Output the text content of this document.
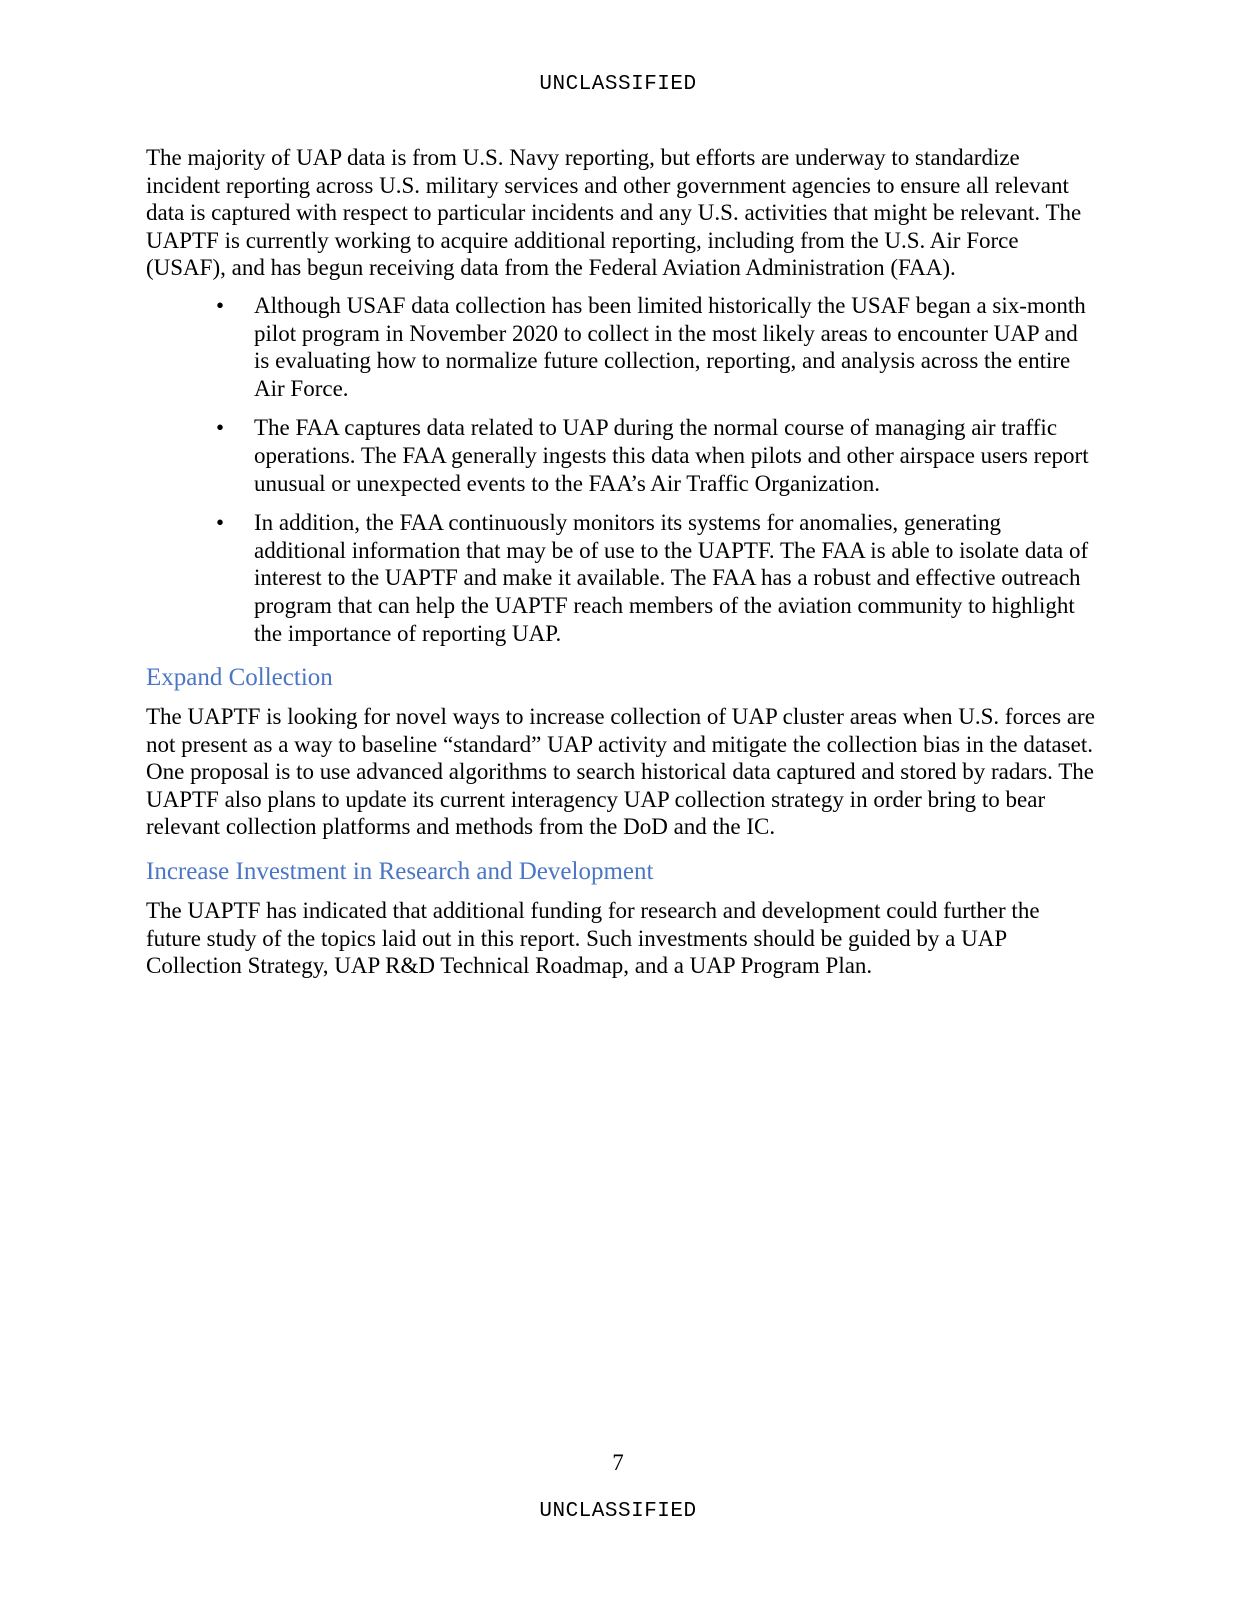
UNCLASSIFIED

The majority of UAP data is from U.S. Navy reporting, but efforts are underway to standardize incident reporting across U.S. military services and other government agencies to ensure all relevant data is captured with respect to particular incidents and any U.S. activities that might be relevant. The UAPTF is currently working to acquire additional reporting, including from the U.S. Air Force (USAF), and has begun receiving data from the Federal Aviation Administration (FAA).

• Although USAF data collection has been limited historically the USAF began a six-month pilot program in November 2020 to collect in the most likely areas to encounter UAP and is evaluating how to normalize future collection, reporting, and analysis across the entire Air Force.
• The FAA captures data related to UAP during the normal course of managing air traffic operations. The FAA generally ingests this data when pilots and other airspace users report unusual or unexpected events to the FAA’s Air Traffic Organization.
• In addition, the FAA continuously monitors its systems for anomalies, generating additional information that may be of use to the UAPTF. The FAA is able to isolate data of interest to the UAPTF and make it available. The FAA has a robust and effective outreach program that can help the UAPTF reach members of the aviation community to highlight the importance of reporting UAP.
Expand Collection

The UAPTF is looking for novel ways to increase collection of UAP cluster areas when U.S. forces are not present as a way to baseline “standard” UAP activity and mitigate the collection bias in the dataset. One proposal is to use advanced algorithms to search historical data captured and stored by radars. The UAPTF also plans to update its current interagency UAP collection strategy in order bring to bear relevant collection platforms and methods from the DoD and the IC.

Increase Investment in Research and Development

The UAPTF has indicated that additional funding for research and development could further the future study of the topics laid out in this report. Such investments should be guided by a UAP Collection Strategy, UAP R&D Technical Roadmap, and a UAP Program Plan.

7
UNCLASSIFIED
